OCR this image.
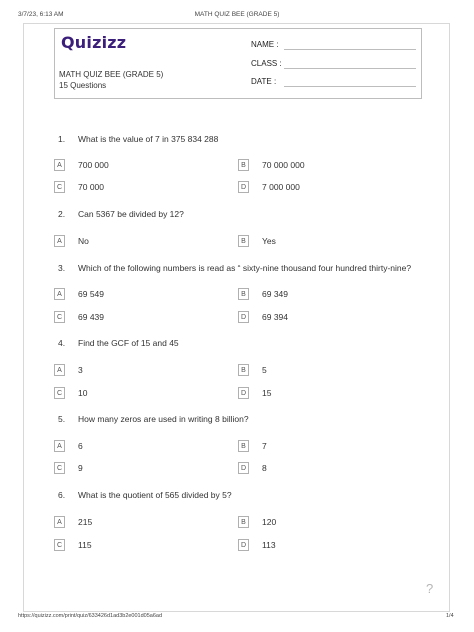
3/7/23, 6:13 AM	MATH QUIZ BEE (GRADE 5)
Quizizz
MATH QUIZ BEE (GRADE 5)
15 Questions
NAME :
CLASS :
DATE :
1. What is the value of 7 in 375 834 288
A	700 000	B	70 000 000
C	70 000	D	7 000 000
2. Can 5367 be divided by 12?
A	No	B	Yes
3. Which of the following numbers is read as “ sixty-nine thousand four hundred thirty-nine?
A	69 549	B	69 349
C	69 439	D	69 394
4. Find the GCF of 15 and 45
A	3	B	5
C	10	D	15
5. How many zeros are used in writing 8 billion?
A	6	B	7
C	9	D	8
6. What is the quotient of 565 divided by 5?
A	215	B	120
C	115	D	113
?
https://quizizz.com/print/quiz/633426d1ad3b2e001d05a6ad	1/4
